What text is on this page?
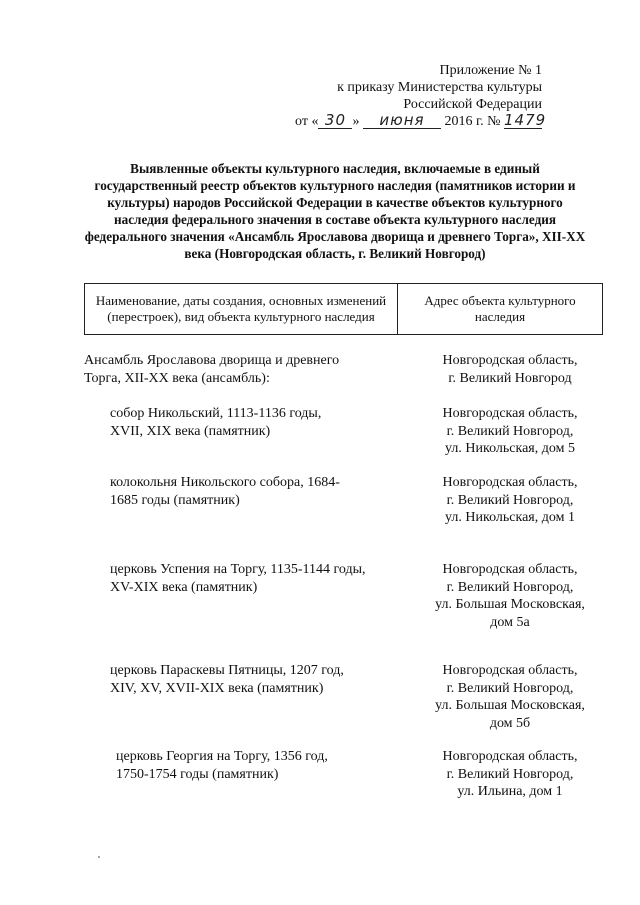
Приложение № 1
к приказу Министерства культуры
Российской Федерации
от « 30 » июня 2016 г. № 1479
Выявленные объекты культурного наследия, включаемые в единый государственный реестр объектов культурного наследия (памятников истории и культуры) народов Российской Федерации в качестве объектов культурного наследия федерального значения в составе объекта культурного наследия федерального значения «Ансамбль Ярославова дворища и древнего Торга», XII-XX века (Новгородская область, г. Великий Новгород)
Наименование, даты создания, основных изменений (перестроек), вид объекта культурного наследия
Адрес объекта культурного наследия
Ансамбль Ярославова дворища и древнего
Торга, XII-XX века (ансамбль):
Новгородская область,
г. Великий Новгород
собор Никольский, 1113-1136 годы,
XVII, XIX века (памятник)
Новгородская область,
г. Великий Новгород,
ул. Никольская, дом 5
колокольня Никольского собора, 1684-
1685 годы (памятник)
Новгородская область,
г. Великий Новгород,
ул. Никольская, дом 1
церковь Успения на Торгу, 1135-1144 годы,
XV-XIX века (памятник)
Новгородская область,
г. Великий Новгород,
ул. Большая Московская,
дом 5а
церковь Параскевы Пятницы, 1207 год,
XIV, XV, XVII-XIX века (памятник)
Новгородская область,
г. Великий Новгород,
ул. Большая Московская,
дом 5б
церковь Георгия на Торгу, 1356 год,
1750-1754 годы (памятник)
Новгородская область,
г. Великий Новгород,
ул. Ильина, дом 1
